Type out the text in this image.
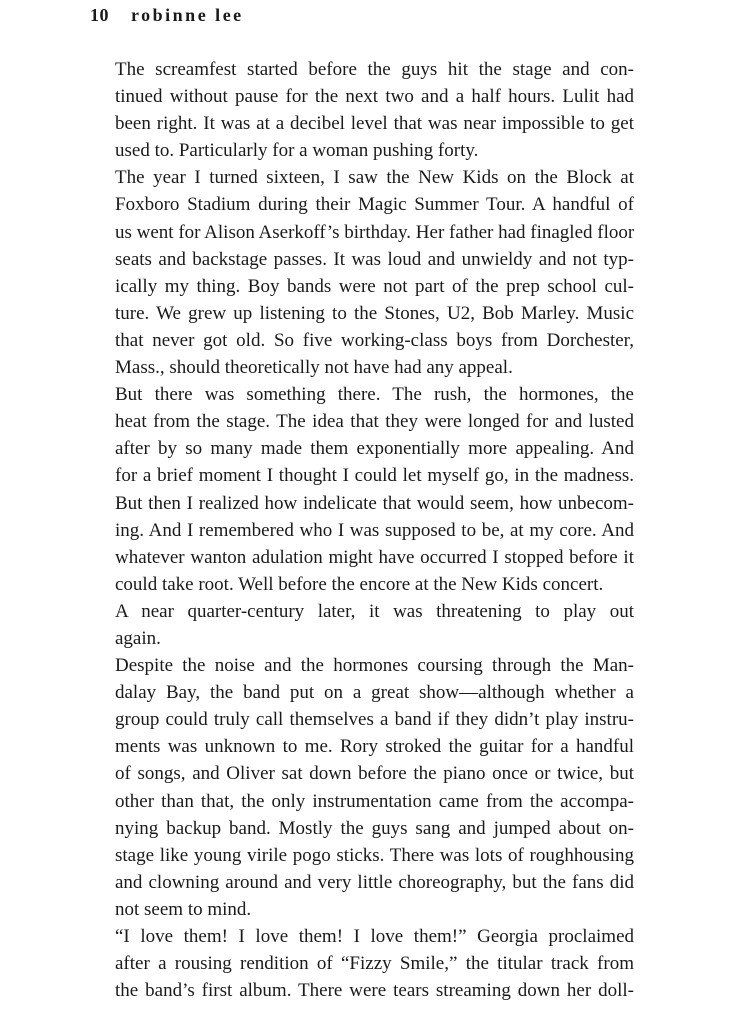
10 robinne lee

The screamfest started before the guys hit the stage and con-
tinued without pause for the next two and a half hours. Lulit had
been right. It was at a decibel level that was near impossible to get
used to. Particularly for a woman pushing forty.

The year I turned sixteen, I saw the New Kids on the Block at
Foxboro Stadium during their Magic Summer Tour. A handful of
us went for Alison Aserkoff’s birthday. Her father had finagled floor
seats and backstage passes. It was loud and unwieldy and not typ-
ically my thing. Boy bands were not part of the prep school cul-
ture. We grew up listening to the Stones, U2, Bob Marley. Music
that never got old. So five working-class boys from Dorchester,
Mass., should theoretically not have had any appeal.

But there was something there. The rush, the hormones, the
heat from the stage. The idea that they were longed for and lusted
after by so many made them exponentially more appealing. And
for a brief moment I thought I could let myself go, in the madness.
But then I realized how indelicate that would seem, how unbecom-
ing. And I remembered who I was supposed to be, at my core. And
whatever wanton adulation might have occurred I stopped before it
could take root. Well before the encore at the New Kids concert.

A near quarter-century later, it was threatening to play out
again.

Despite the noise and the hormones coursing through the Man-
dalay Bay, the band put on a great show—although whether a
group could truly call themselves a band if they didn’t play instru-
ments was unknown to me. Rory stroked the guitar for a handful
of songs, and Oliver sat down before the piano once or twice, but
other than that, the only instrumentation came from the accompa-
nying backup band. Mostly the guys sang and jumped about on-
stage like young virile pogo sticks. There was lots of roughhousing
and clowning around and very little choreography, but the fans did
not seem to mind.

“I love them! I love them! I love them!” Georgia proclaimed
after a rousing rendition of “Fizzy Smile,” the titular track from
the band’s first album. There were tears streaming down her doll-
